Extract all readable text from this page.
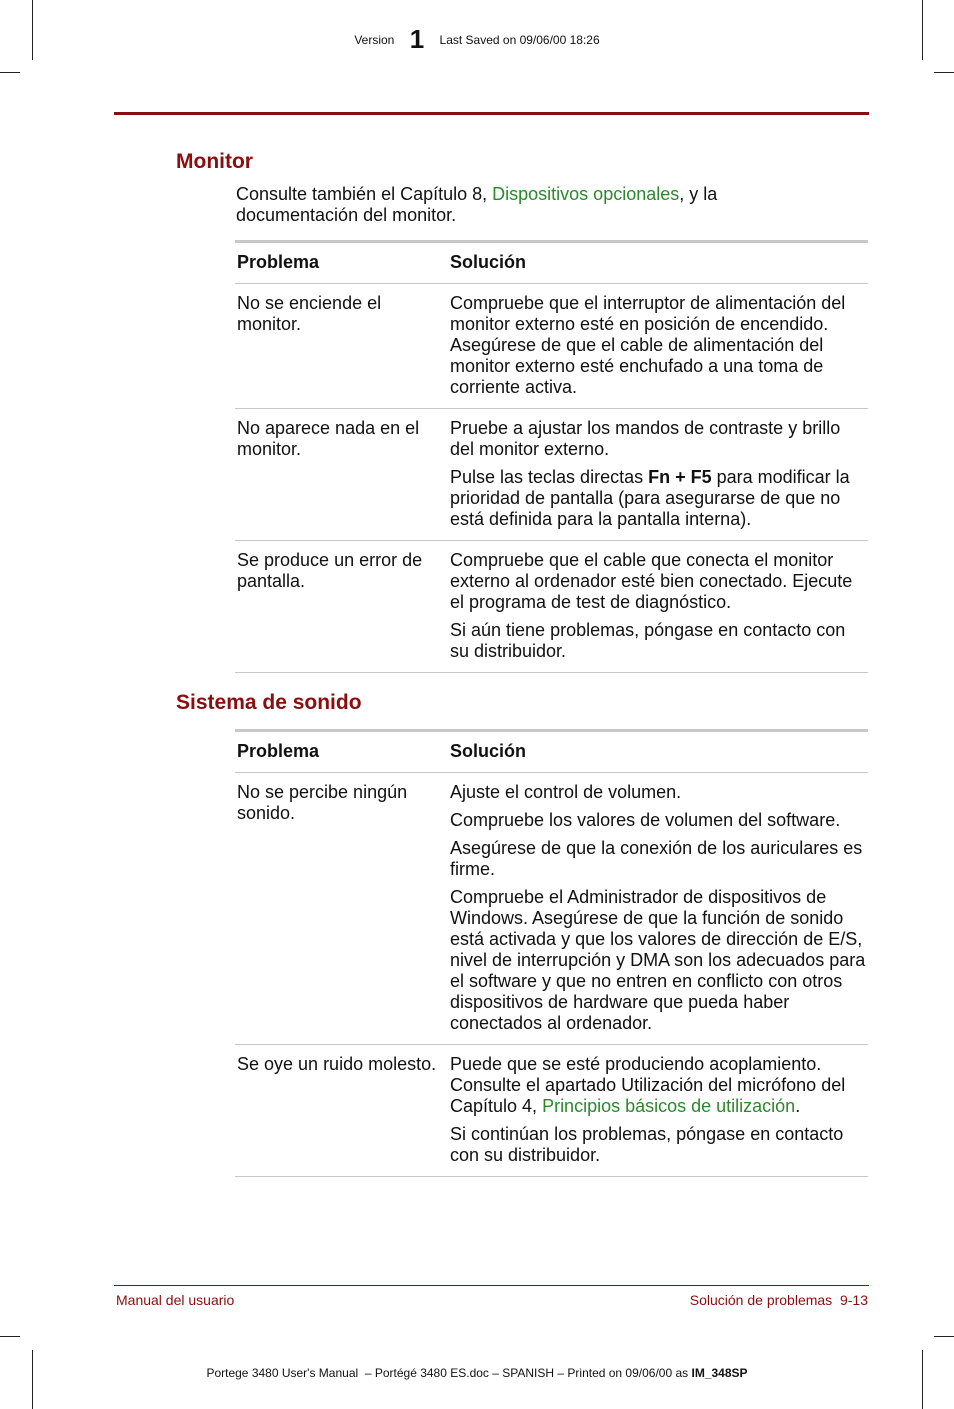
Version 1 Last Saved on 09/06/00 18:26
Monitor
Consulte también el Capítulo 8, Dispositivos opcionales, y la documentación del monitor.
Problema	Solución
No se enciende el monitor.	Compruebe que el interruptor de alimentación del monitor externo esté en posición de encendido. Asegúrese de que el cable de alimentación del monitor externo esté enchufado a una toma de corriente activa.

No aparece nada en el monitor.	Pruebe a ajustar los mandos de contraste y brillo del monitor externo.

Pulse las teclas directas Fn + F5 para modificar la prioridad de pantalla (para asegurarse de que no está definida para la pantalla interna).

Se produce un error de pantalla.	Compruebe que el cable que conecta el monitor externo al ordenador esté bien conectado. Ejecute el programa de test de diagnóstico.

Si aún tiene problemas, póngase en contacto con su distribuidor.

Sistema de sonido
Problema	Solución
No se percibe ningún sonido.	Ajuste el control de volumen.

Compruebe los valores de volumen del software.

Asegúrese de que la conexión de los auriculares es firme.

Compruebe el Administrador de dispositivos de Windows. Asegúrese de que la función de sonido está activada y que los valores de dirección de E/S, nivel de interrupción y DMA son los adecuados para el software y que no entren en conflicto con otros dispositivos de hardware que pueda haber conectados al ordenador.

Se oye un ruido molesto.	Puede que se esté produciendo acoplamiento. Consulte el apartado Utilización del micrófono del Capítulo 4, Principios básicos de utilización.

Si continúan los problemas, póngase en contacto con su distribuidor.

Manual del usuario	Solución de problemas  9-13
Portege 3480 User's Manual  – Portégé 3480 ES.doc – SPANISH – Printed on 09/06/00 as IM_348SP
